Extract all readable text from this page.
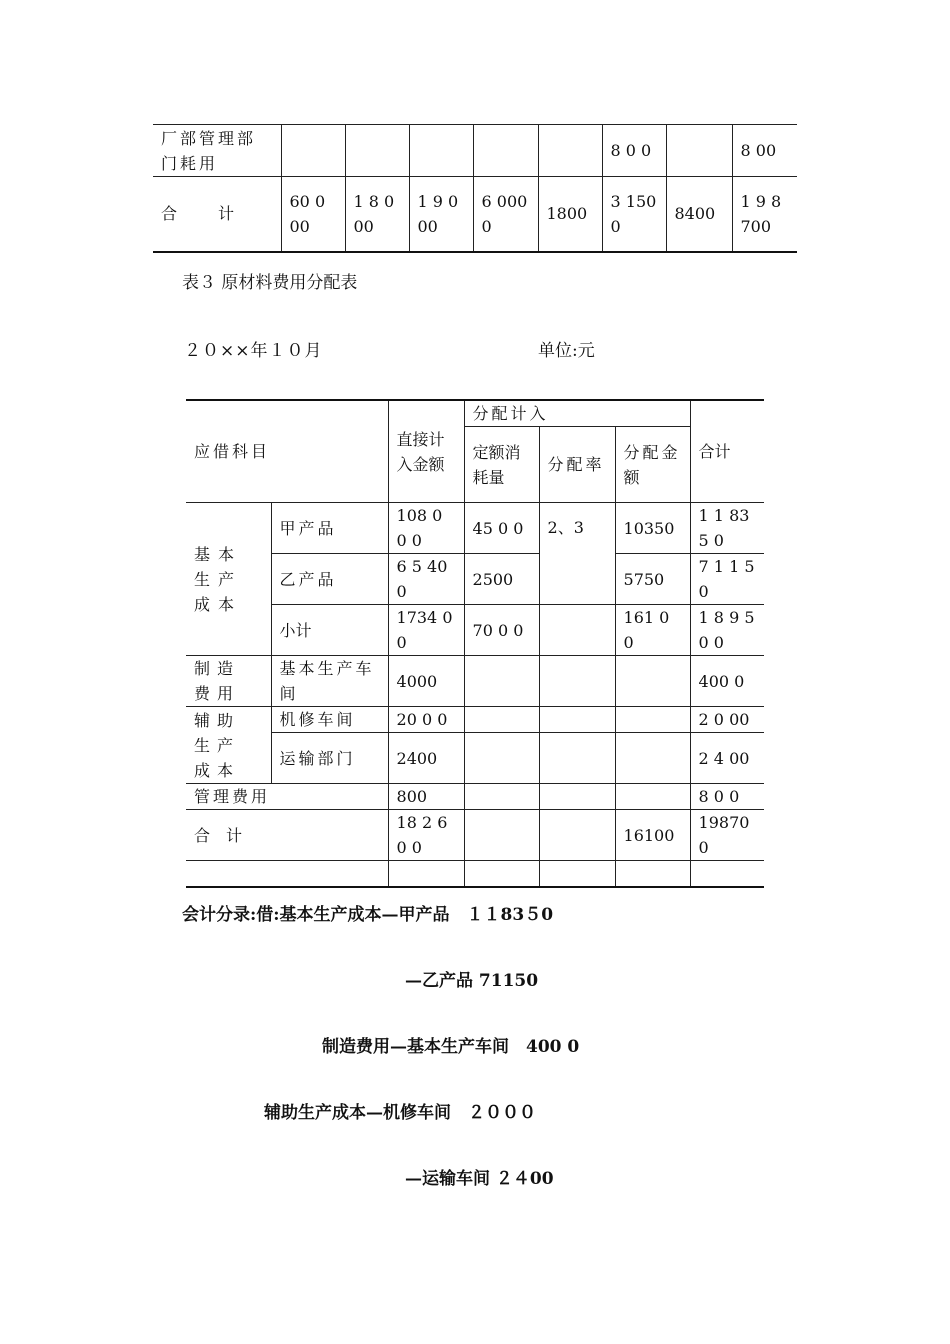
厂部管理部门耗用						8 0 0		8 00
合　　计	60 0 00	1 8 0 00	1 9 000	6 000 0	1800	3 1500	8400	1 9 8700
表３ 原材料费用分配表
２０××年１０月	单位:元
应借科目		直接计入金额	分配计入			合计
			定额消耗量	分配率	分配金额	
基本生产成本	甲产品	108 0 0 0	45 0 0	2、3	10350	1 1 835 0
	乙产品	6 5 400	2500		5750	7 1 1 50
	小计	1734 0 0	70 0 0		161 0 0	1 8 9 50 0
制造费用	基本生产车间	4000				400 0
辅助生产成本	机修车间	20 0 0				2 0 00
	运输部门	2400				2 4 00
管理费用		800				8 0 0
合　计		18 2 6 0 0			16100	198700

会计分录:借:基本生产成本—甲产品　１１83５0
—乙产品 71150
制造费用—基本生产车间　400 0
辅助生产成本—机修车间　２０００
—运输车间 ２４00
